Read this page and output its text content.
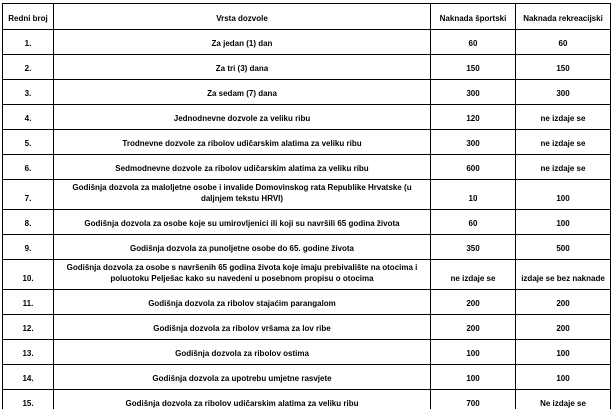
Redni broj	Vrsta dozvole	Naknada športski	Naknada rekreacijski
1.	Za jedan (1) dan	60	60
2.	Za tri (3) dana	150	150
3.	Za sedam (7) dana	300	300
4.	Jednodnevne dozvole za veliku ribu	120	ne izdaje se
5.	Trodnevne dozvole za ribolov udičarskim alatima za veliku ribu	300	ne izdaje se
6.	Sedmodnevne dozvole za ribolov udičarskim alatima za veliku ribu	600	ne izdaje se
7.	Godišnja dozvola za maloljetne osobe i invalide Domovinskog rata Republike Hrvatske (u daljnjem tekstu HRVI)	10	100
8.	Godišnja dozvola za osobe koje su umirovljenici ili koji su navršili 65 godina života	60	100
9.	Godišnja dozvola za punoljetne osobe do 65. godine života	350	500
10.	Godišnja dozvola za osobe s navršenih 65 godina života koje imaju prebivalište na otocima i poluotoku Pelješac kako su navedeni u posebnom propisu o otocima	ne izdaje se	izdaje se bez naknade
11.	Godišnja dozvola za ribolov stajaćim parangalom	200	200
12.	Godišnja dozvola za ribolov vršama za lov ribe	200	200
13.	Godišnja dozvola za ribolov ostima	100	100
14.	Godišnja dozvola za upotrebu umjetne rasvjete	100	100
15.	Godišnja dozvola za ribolov udičarskim alatima za veliku ribu	700	Ne izdaje se
